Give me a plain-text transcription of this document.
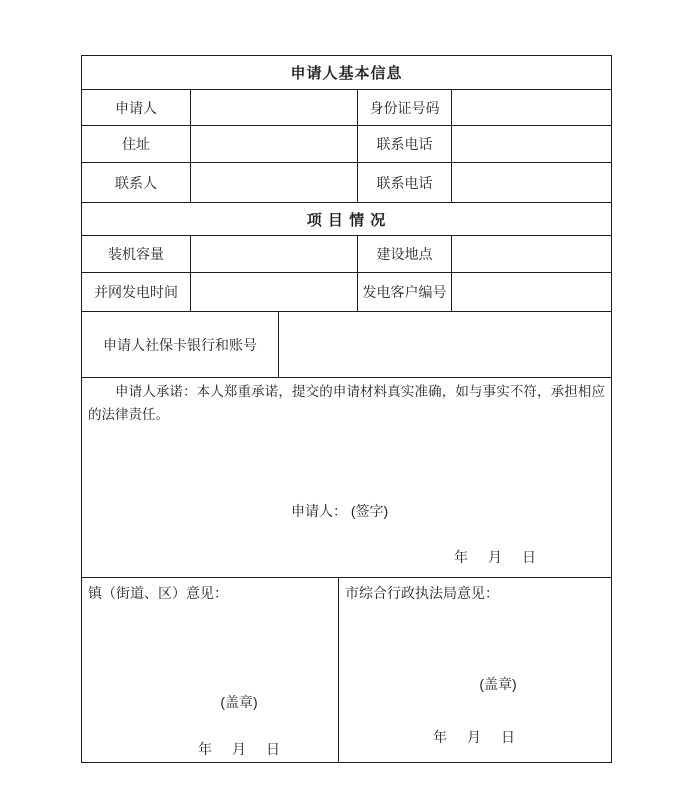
申请人基本信息
申请人	身份证号码
住址	联系电话
联系人	联系电话
项 目 情 况
装机容量	建设地点
并网发电时间	发电客户编号
申请人社保卡银行和账号

申请人承诺：本人郑重承诺，提交的申请材料真实准确，如与事实不符，承担相应的法律责任。

申请人： (签字)
年　月　日
镇（街道、区）意见：
(盖章)
年　月　日
市综合行政执法局意见：
(盖章)
年　月　日
